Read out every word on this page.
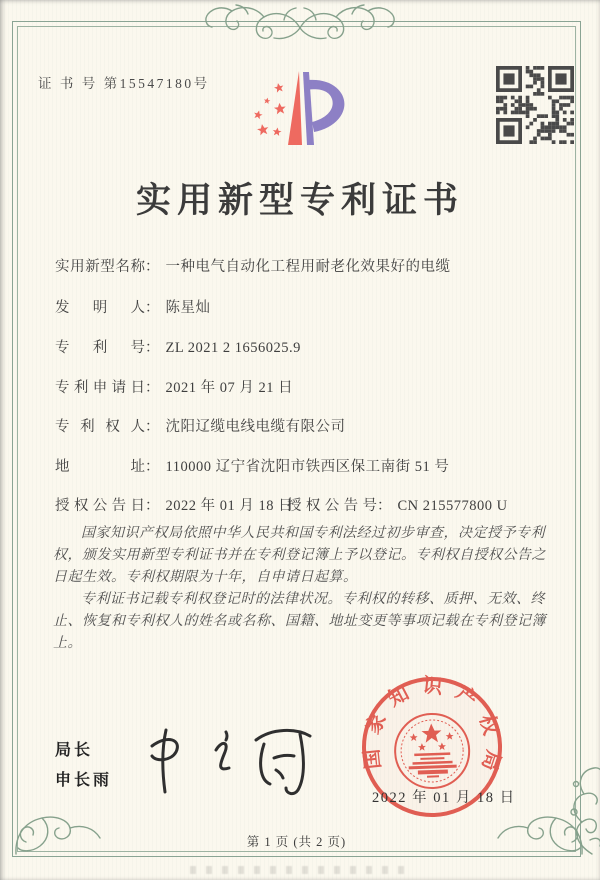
证 书 号 第15547180号
实用新型专利证书
实用新型名称： 一种电气自动化工程用耐老化效果好的电缆
发明人： 陈星灿
专利号： ZL 2021 2 1656025.9
专利申请日： 2021 年 07 月 21 日
专利权人： 沈阳辽缆电线电缆有限公司
地址： 110000 辽宁省沈阳市铁西区保工南街 51 号
授权公告日： 2022 年 01 月 18 日
授权公告号： CN 215577800 U

国家知识产权局依照中华人民共和国专利法经过初步审查，决定授予专利权，颁发实用新型专利证书并在专利登记簿上予以登记。专利权自授权公告之日起生效。专利权期限为十年，自申请日起算。

专利证书记载专利权登记时的法律状况。专利权的转移、质押、无效、终止、恢复和专利权人的姓名或名称、国籍、地址变更等事项记载在专利登记簿上。

局长
申长雨
国家知识产权局
2022 年 01 月 18 日
第 1 页 (共 2 页)
